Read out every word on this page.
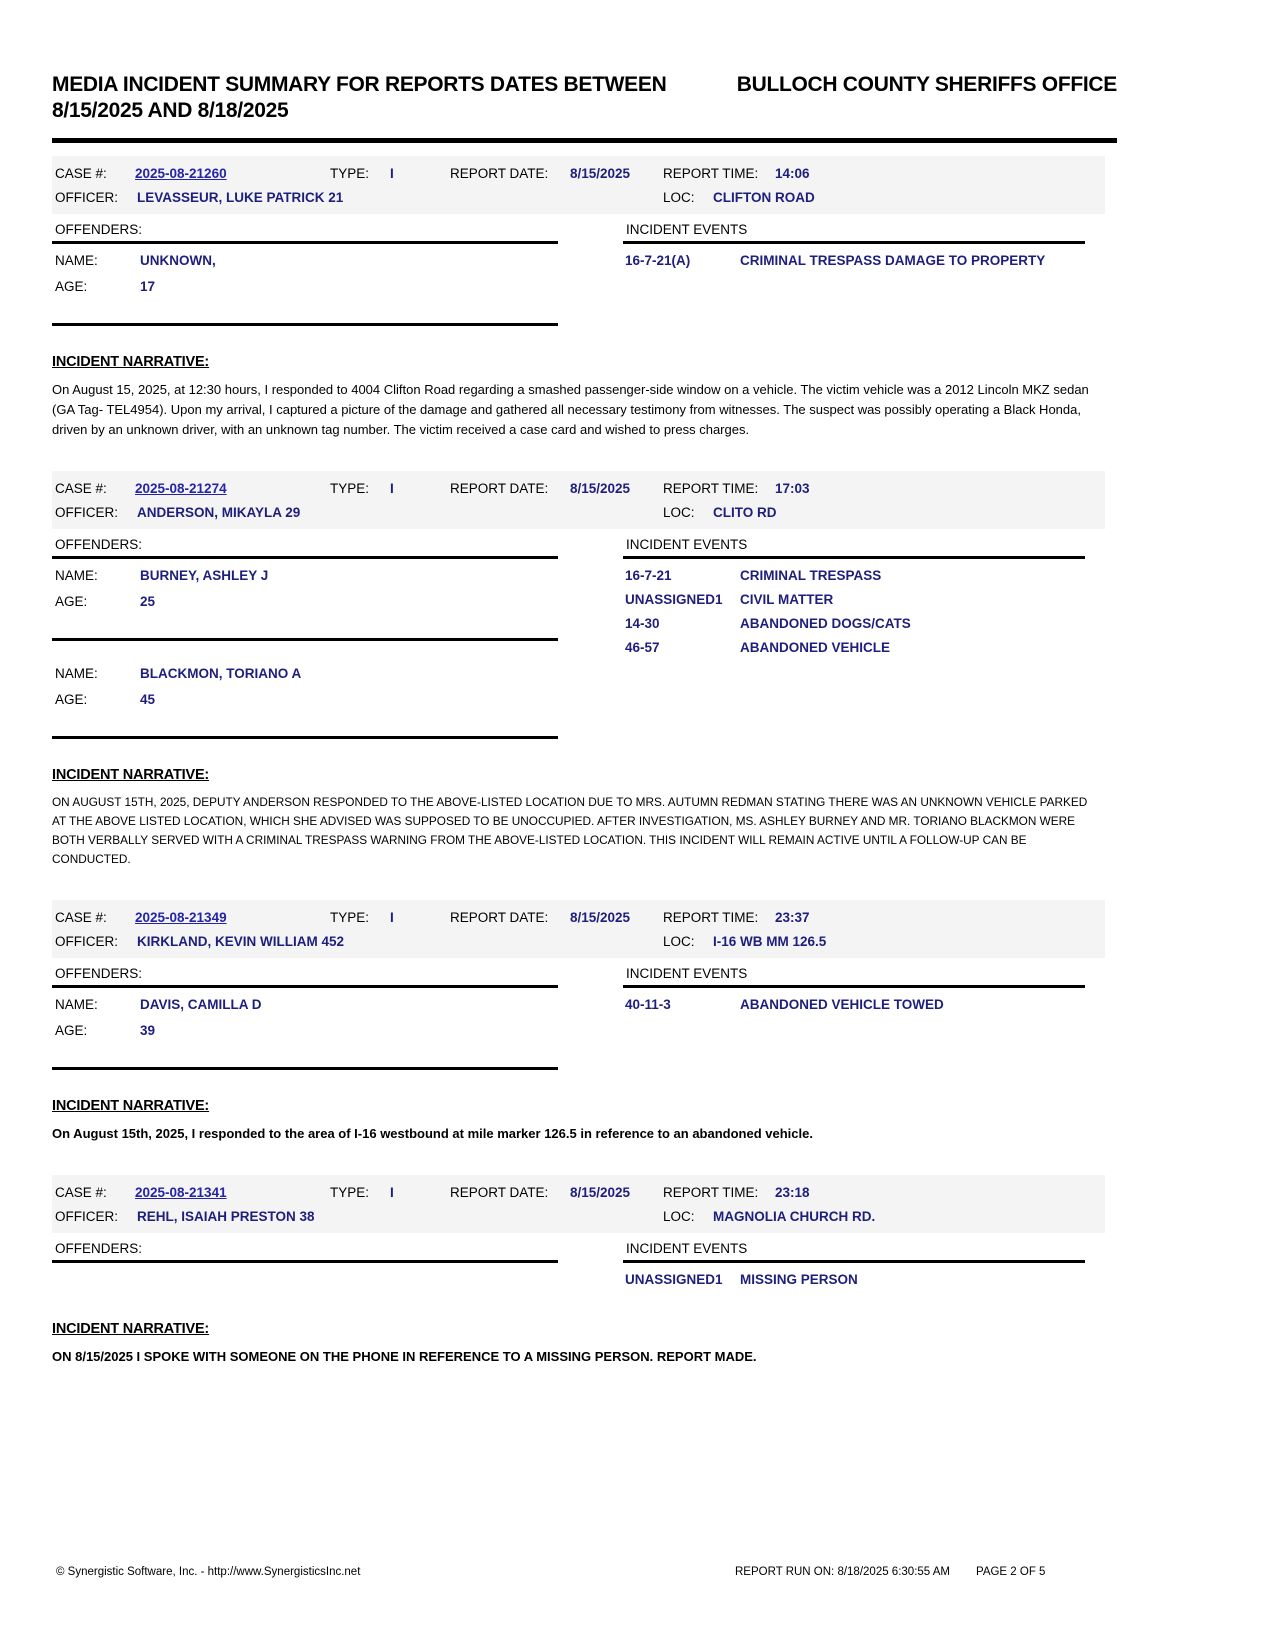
MEDIA INCIDENT SUMMARY FOR REPORTS DATES BETWEEN 8/15/2025 AND 8/18/2025
BULLOCH COUNTY SHERIFFS OFFICE
CASE #: 2025-08-21260	TYPE: I	REPORT DATE: 8/15/2025 REPORT TIME: 14:06
OFFICER: LEVASSEUR, LUKE PATRICK 21	LOC: CLIFTON ROAD
OFFENDERS:
NAME:	UNKNOWN,
AGE:	17
INCIDENT EVENTS
16-7-21(A)	CRIMINAL TRESPASS DAMAGE TO PROPERTY
INCIDENT NARRATIVE:

On August 15, 2025, at 12:30 hours, I responded to 4004 Clifton Road regarding a smashed passenger-side window on a vehicle. The victim vehicle was a 2012 Lincoln MKZ sedan (GA Tag- TEL4954). Upon my arrival, I captured a picture of the damage and gathered all necessary testimony from witnesses. The suspect was possibly operating a Black Honda, driven by an unknown driver, with an unknown tag number. The victim received a case card and wished to press charges.

CASE #: 2025-08-21274	TYPE: I	REPORT DATE: 8/15/2025 REPORT TIME: 17:03
OFFICER: ANDERSON, MIKAYLA 29	LOC: CLITO RD
OFFENDERS:
NAME:	BURNEY, ASHLEY J
AGE:	25
NAME:	BLACKMON, TORIANO A
AGE:	45
INCIDENT EVENTS
16-7-21	CRIMINAL TRESPASS
UNASSIGNED1	CIVIL MATTER
14-30	ABANDONED DOGS/CATS
46-57	ABANDONED VEHICLE
INCIDENT NARRATIVE:

ON AUGUST 15TH, 2025, DEPUTY ANDERSON RESPONDED TO THE ABOVE-LISTED LOCATION DUE TO MRS. AUTUMN REDMAN STATING THERE WAS AN UNKNOWN VEHICLE PARKED AT THE ABOVE LISTED LOCATION, WHICH SHE ADVISED WAS SUPPOSED TO BE UNOCCUPIED. AFTER INVESTIGATION, MS. ASHLEY BURNEY AND MR. TORIANO BLACKMON WERE BOTH VERBALLY SERVED WITH A CRIMINAL TRESPASS WARNING FROM THE ABOVE-LISTED LOCATION. THIS INCIDENT WILL REMAIN ACTIVE UNTIL A FOLLOW-UP CAN BE CONDUCTED.

CASE #: 2025-08-21349	TYPE: I	REPORT DATE: 8/15/2025 REPORT TIME: 23:37
OFFICER: KIRKLAND, KEVIN WILLIAM 452	LOC: I-16 WB MM 126.5
OFFENDERS:
NAME:	DAVIS, CAMILLA D
AGE:	39
INCIDENT EVENTS
40-11-3	ABANDONED VEHICLE TOWED
INCIDENT NARRATIVE:

On August 15th, 2025, I responded to the area of I-16 westbound at mile marker 126.5 in reference to an abandoned vehicle.

CASE #: 2025-08-21341	TYPE: I	REPORT DATE: 8/15/2025 REPORT TIME: 23:18
OFFICER: REHL, ISAIAH PRESTON 38	LOC: MAGNOLIA CHURCH RD.
OFFENDERS:	INCIDENT EVENTS
UNASSIGNED1	MISSING PERSON
INCIDENT NARRATIVE:

ON 8/15/2025 I SPOKE WITH SOMEONE ON THE PHONE IN REFERENCE TO A MISSING PERSON. REPORT MADE.

© Synergistic Software, Inc. - http://www.SynergisticsInc.net	REPORT RUN ON: 8/18/2025 6:30:55 AM PAGE 2 OF 5
